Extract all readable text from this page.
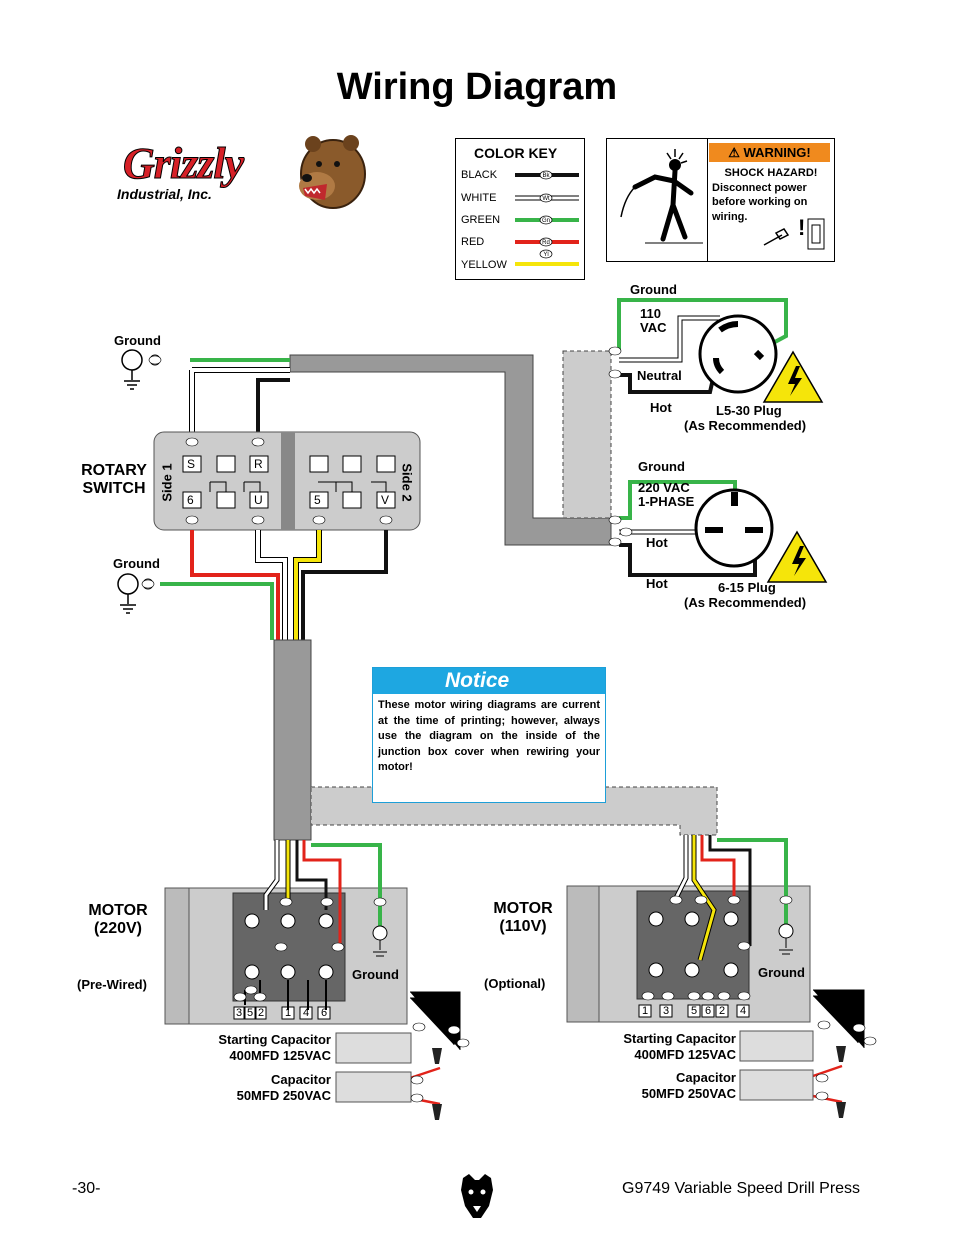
Wiring Diagram
Grizzly
Industrial, Inc.
COLOR KEY
BLACK
WHITE
GREEN
RED
YELLOW
⚠ WARNING!
SHOCK HAZARD!
Disconnect power
before working on
wiring.	!
Bk
Wt
Gn
Rd
Yl
ROTARY
SWITCH	Side 1	Side 2
S	R
6	U	5	V
Ground
Ground
Ground
Ground
Ground	Ground
110
VAC
Neutral
Hot	L5-30 Plug
(As Recommended)
220 VAC
1-PHASE
Hot
Hot	6-15 Plug
(As Recommended)
Notice
These motor wiring diagrams are current at the time of printing; however, always use the diagram on the inside of the junction box cover when rewiring your motor!
MOTOR
(220V)
(Pre-Wired)
3 5 2 1 4 6
MOTOR
(110V)
(Optional)
1 3 5 6 2 4
Starting Capacitor
400MFD 125VAC
Capacitor
50MFD 250VAC
Starting Capacitor
400MFD 125VAC
Capacitor
50MFD 250VAC
-30-	G9749 Variable Speed Drill Press
